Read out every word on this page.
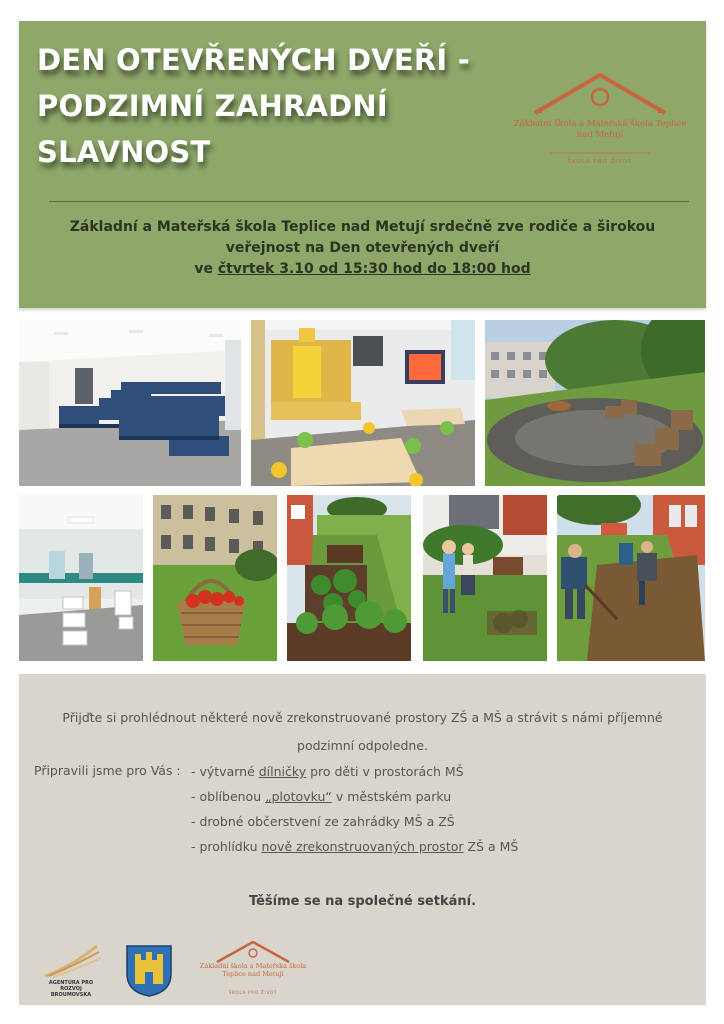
DEN OTEVŘENÝCH DVEŘÍ -
PODZIMNÍ ZAHRADNÍ
SLAVNOST
Základní škola a Mateřská škola Teplice nad Metují
ŠKOLA PRO ŽIVOT
Základní a Mateřská škola Teplice nad Metují srdečně zve rodiče a širokou
veřejnost na Den otevřených dveří
ve čtvrtek 3.10 od 15:30 hod do 18:00 hod
Přijďte si prohlédnout některé nově zrekonstruované prostory ZŠ a MŠ a strávit s námi příjemné podzimní odpoledne.
Připravili jsme pro Vás : - výtvarné dílničky pro děti v prostorách MŠ
- oblíbenou „plotovku“ v městském parku
- drobné občerstvení ze zahrádky MŠ a ZŠ
- prohlídku nově zrekonstruovaných prostor ZŠ a MŠ
Těšíme se na společné setkání.
AGENTURA PRO ROZVOJ
BROUMOVSKA
Základní škola a Mateřská škola Teplice nad Metují
ŠKOLA PRO ŽIVOT
